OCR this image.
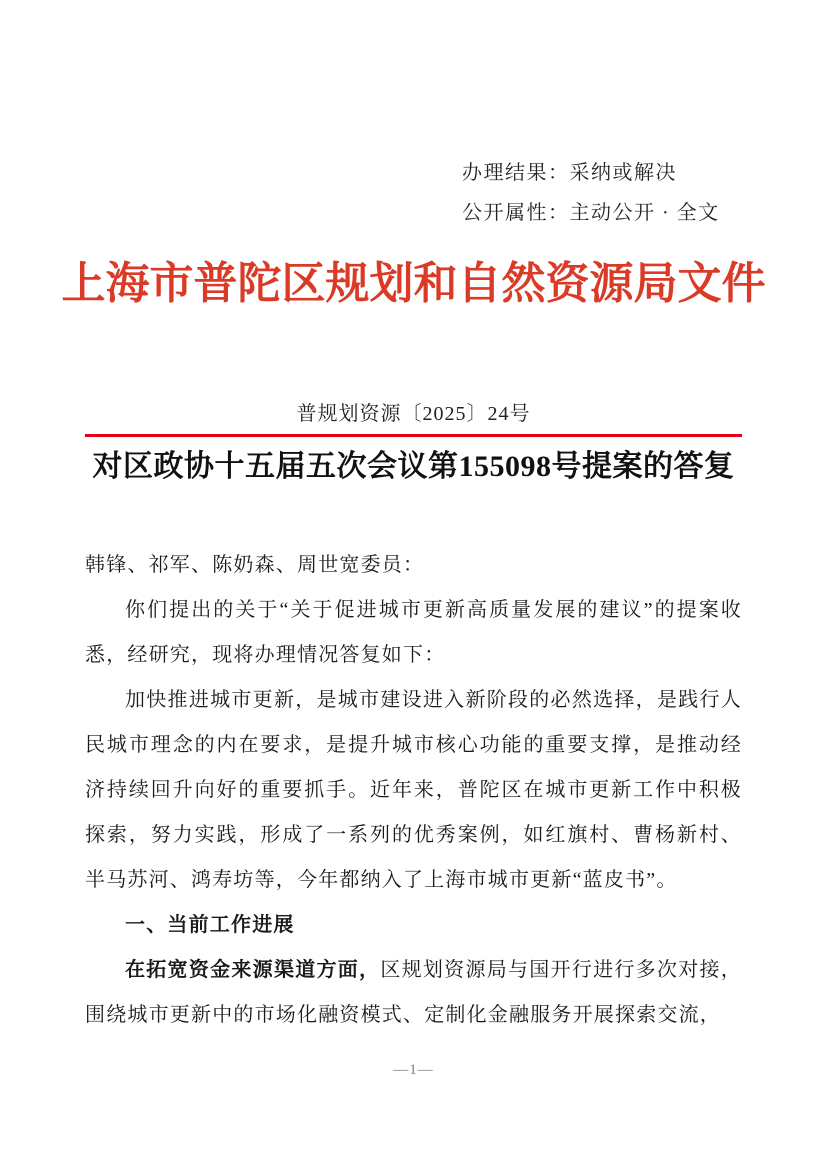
办理结果：采纳或解决
公开属性：主动公开 · 全文
上海市普陀区规划和自然资源局文件
普规划资源〔2025〕24号
对区政协十五届五次会议第155098号提案的答复

韩锋、祁军、陈奶森、周世宽委员：

你们提出的关于“关于促进城市更新高质量发展的建议”的提案收悉，经研究，现将办理情况答复如下：

加快推进城市更新，是城市建设进入新阶段的必然选择，是践行人民城市理念的内在要求，是提升城市核心功能的重要支撑，是推动经济持续回升向好的重要抓手。近年来，普陀区在城市更新工作中积极探索，努力实践，形成了一系列的优秀案例，如红旗村、曹杨新村、半马苏河、鸿寿坊等，今年都纳入了上海市城市更新“蓝皮书”。

一、当前工作进展

在拓宽资金来源渠道方面，区规划资源局与国开行进行多次对接，围绕城市更新中的市场化融资模式、定制化金融服务开展探索交流，

—1—
